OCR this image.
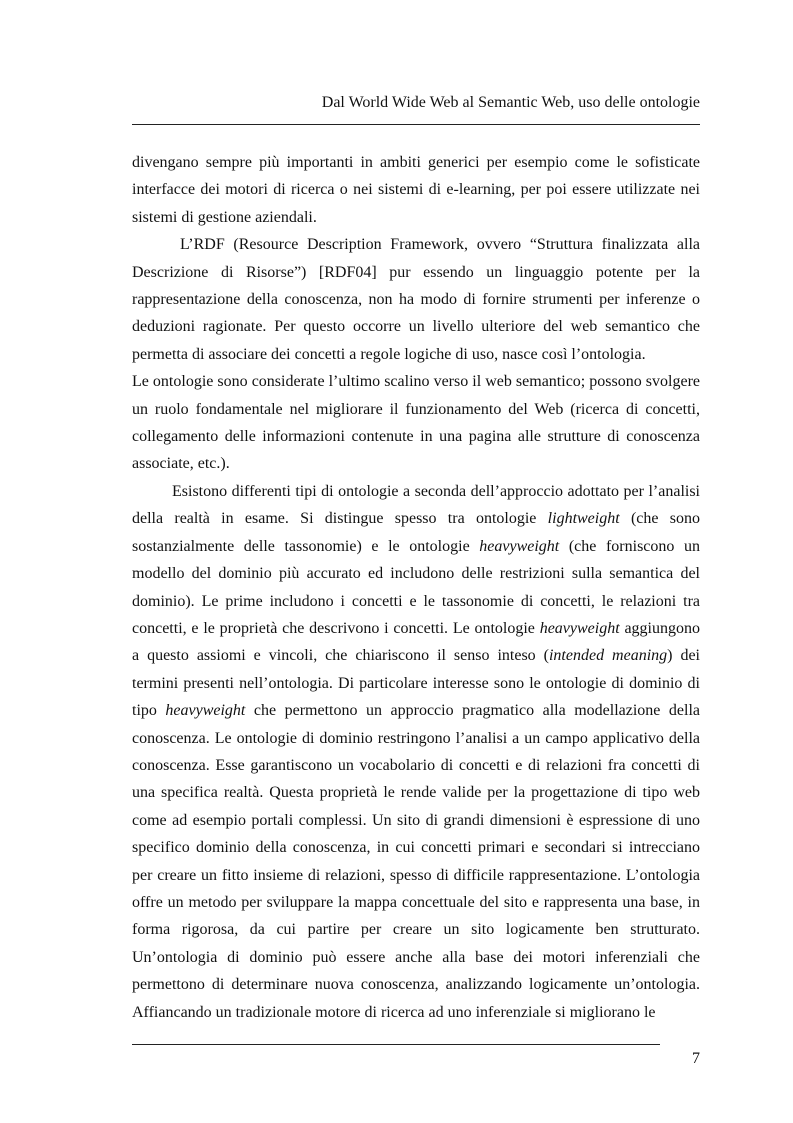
Dal World Wide Web al Semantic Web, uso delle ontologie

divengano sempre più importanti in ambiti generici per esempio come le sofisticate interfacce dei motori di ricerca o nei sistemi di e-learning, per poi essere utilizzate nei sistemi di gestione aziendali.

L’RDF (Resource Description Framework, ovvero “Struttura finalizzata alla Descrizione di Risorse”) [RDF04] pur essendo un linguaggio potente per la rappresentazione della conoscenza, non ha modo di fornire strumenti per inferenze o deduzioni ragionate. Per questo occorre un livello ulteriore del web semantico che permetta di associare dei concetti a regole logiche di uso, nasce così l’ontologia.

Le ontologie sono considerate l’ultimo scalino verso il web semantico; possono svolgere un ruolo fondamentale nel migliorare il funzionamento del Web (ricerca di concetti, collegamento delle informazioni contenute in una pagina alle strutture di conoscenza associate, etc.).

Esistono differenti tipi di ontologie a seconda dell’approccio adottato per l’analisi della realtà in esame. Si distingue spesso tra ontologie lightweight (che sono sostanzialmente delle tassonomie) e le ontologie heavyweight (che forniscono un modello del dominio più accurato ed includono delle restrizioni sulla semantica del dominio). Le prime includono i concetti e le tassonomie di concetti, le relazioni tra concetti, e le proprietà che descrivono i concetti. Le ontologie heavyweight aggiungono a questo assiomi e vincoli, che chiariscono il senso inteso (intended meaning) dei termini presenti nell’ontologia. Di particolare interesse sono le ontologie di dominio di tipo heavyweight che permettono un approccio pragmatico alla modellazione della conoscenza. Le ontologie di dominio restringono l’analisi a un campo applicativo della conoscenza. Esse garantiscono un vocabolario di concetti e di relazioni fra concetti di una specifica realtà. Questa proprietà le rende valide per la progettazione di tipo web come ad esempio portali complessi. Un sito di grandi dimensioni è espressione di uno specifico dominio della conoscenza, in cui concetti primari e secondari si intrecciano per creare un fitto insieme di relazioni, spesso di difficile rappresentazione. L’ontologia offre un metodo per sviluppare la mappa concettuale del sito e rappresenta una base, in forma rigorosa, da cui partire per creare un sito logicamente ben strutturato. Un’ontologia di dominio può essere anche alla base dei motori inferenziali che permettono di determinare nuova conoscenza, analizzando logicamente un’ontologia. Affiancando un tradizionale motore di ricerca ad uno inferenziale si migliorano le

7
